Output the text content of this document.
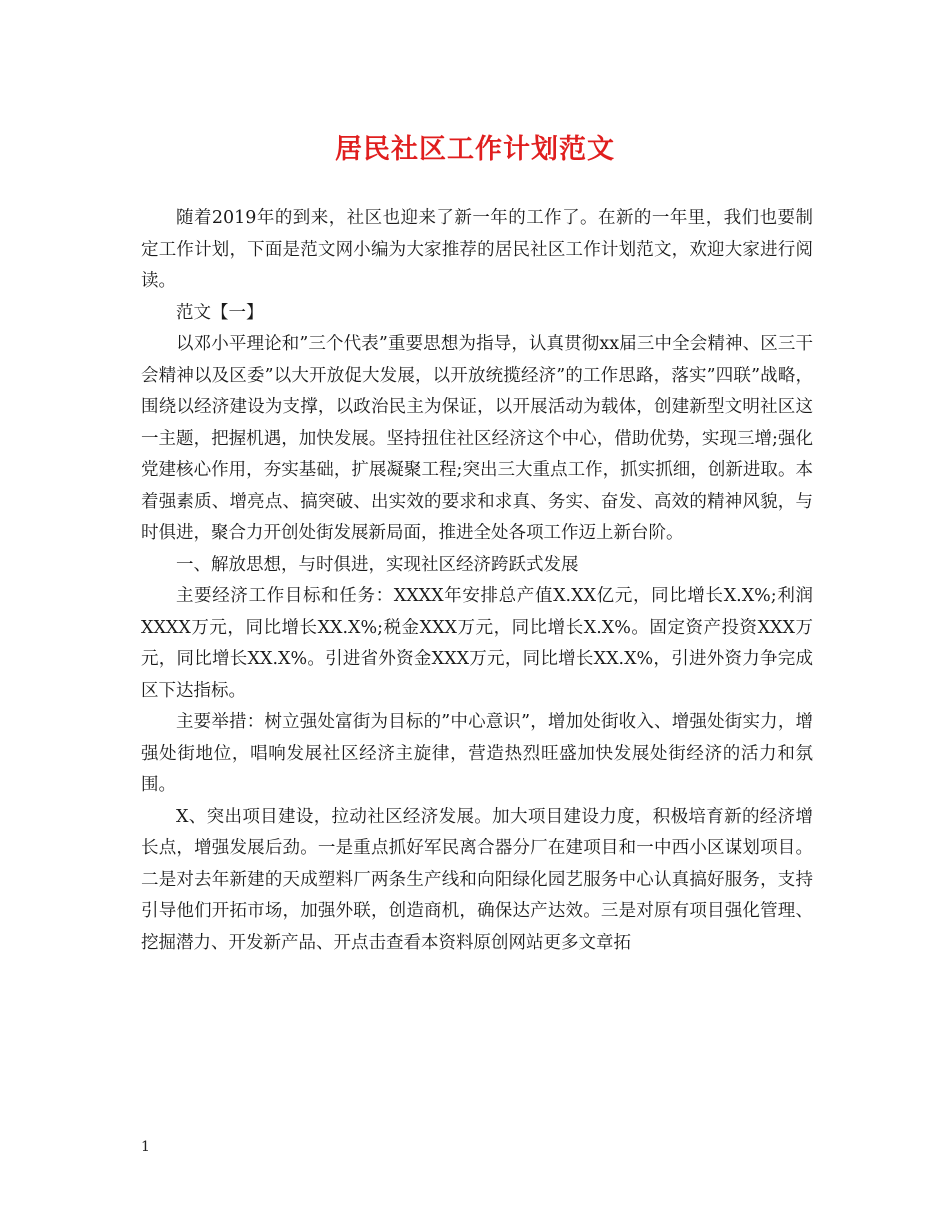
居民社区工作计划范文

随着2019年的到来，社区也迎来了新一年的工作了。在新的一年里，我们也要制定工作计划，下面是范文网小编为大家推荐的居民社区工作计划范文，欢迎大家进行阅读。

范文【一】

以邓小平理论和”三个代表”重要思想为指导，认真贯彻xx届三中全会精神、区三干会精神以及区委”以大开放促大发展，以开放统揽经济”的工作思路，落实”四联”战略，围绕以经济建设为支撑，以政治民主为保证，以开展活动为载体，创建新型文明社区这一主题，把握机遇，加快发展。坚持扭住社区经济这个中心，借助优势，实现三增;强化党建核心作用，夯实基础，扩展凝聚工程;突出三大重点工作，抓实抓细，创新进取。本着强素质、增亮点、搞突破、出实效的要求和求真、务实、奋发、高效的精神风貌，与时俱进，聚合力开创处街发展新局面，推进全处各项工作迈上新台阶。

一、解放思想，与时俱进，实现社区经济跨跃式发展

主要经济工作目标和任务：XXXX年安排总产值X.XX亿元，同比增长X.X%;利润XXXX万元，同比增长XX.X%;税金XXX万元，同比增长X.X%。固定资产投资XXX万元，同比增长XX.X%。引进省外资金XXX万元，同比增长XX.X%，引进外资力争完成区下达指标。

主要举措：树立强处富街为目标的”中心意识”，增加处街收入、增强处街实力，增强处街地位，唱响发展社区经济主旋律，营造热烈旺盛加快发展处街经济的活力和氛围。

X、突出项目建设，拉动社区经济发展。加大项目建设力度，积极培育新的经济增长点，增强发展后劲。一是重点抓好军民离合器分厂在建项目和一中西小区谋划项目。二是对去年新建的天成塑料厂两条生产线和向阳绿化园艺服务中心认真搞好服务，支持引导他们开拓市场，加强外联，创造商机，确保达产达效。三是对原有项目强化管理、挖掘潜力、开发新产品、开点击查看本资料原创网站更多文章拓

1
